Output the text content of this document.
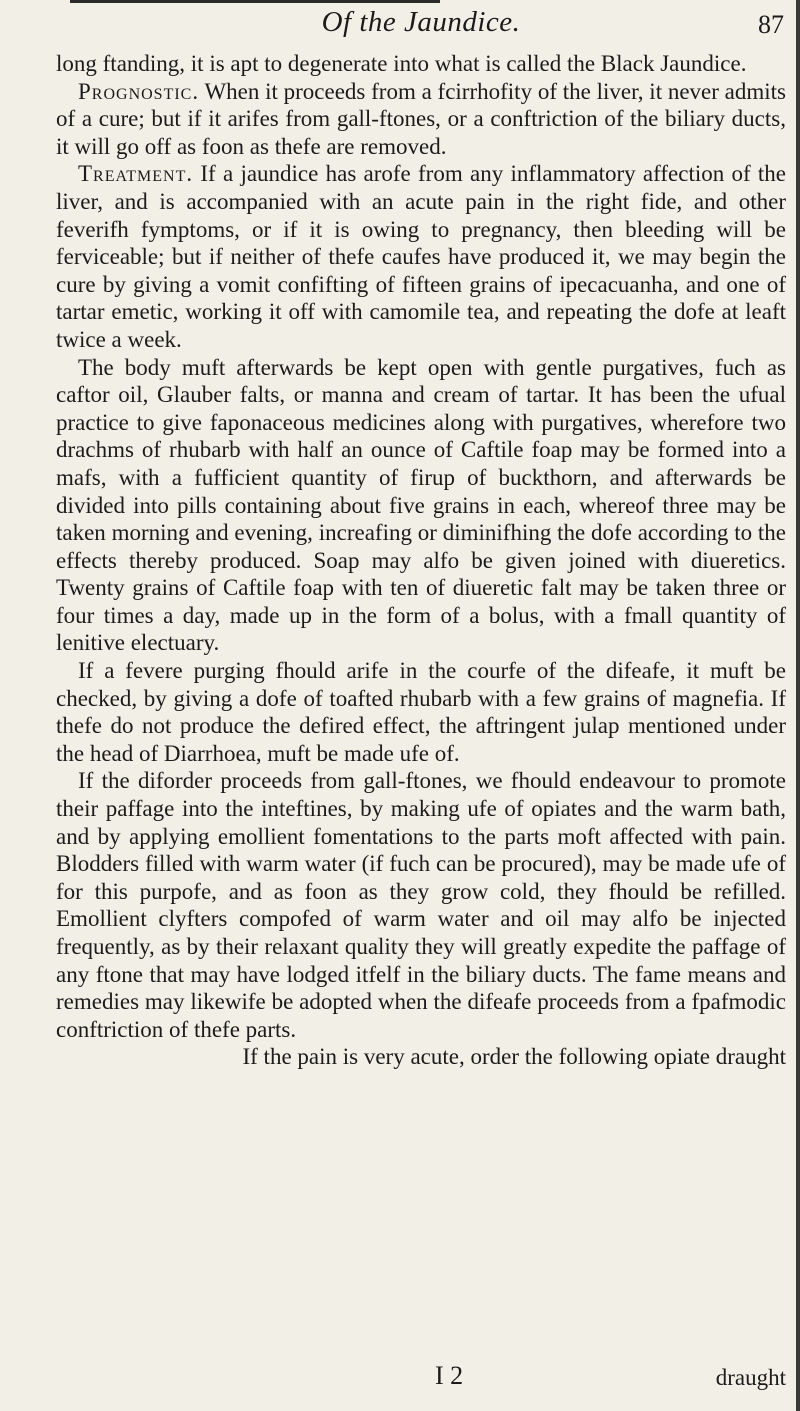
Of the Jaundice.	87

long ftanding, it is apt to degenerate into what is called the Black Jaundice.

Prognostic. When it proceeds from a fcirrhofity of the liver, it never admits of a cure; but if it arifes from gall-ftones, or a conftriction of the biliary ducts, it will go off as foon as thefe are removed.

Treatment. If a jaundice has arofe from any inflammatory affection of the liver, and is accompanied with an acute pain in the right fide, and other feverifh fymptoms, or if it is owing to pregnancy, then bleeding will be ferviceable; but if neither of thefe caufes have produced it, we may begin the cure by giving a vomit confifting of fifteen grains of ipecacuanha, and one of tartar emetic, working it off with camomile tea, and repeating the dofe at leaft twice a week.

The body muft afterwards be kept open with gentle purgatives, fuch as caftor oil, Glauber falts, or manna and cream of tartar. It has been the ufual practice to give faponaceous medicines along with purgatives, wherefore two drachms of rhubarb with half an ounce of Caftile foap may be formed into a mafs, with a fufficient quantity of firup of buckthorn, and afterwards be divided into pills containing about five grains in each, whereof three may be taken morning and evening, increafing or diminifhing the dofe according to the effects thereby produced. Soap may alfo be given joined with diueretics. Twenty grains of Caftile foap with ten of diueretic falt may be taken three or four times a day, made up in the form of a bolus, with a fmall quantity of lenitive electuary.

If a fevere purging fhould arife in the courfe of the difeafe, it muft be checked, by giving a dofe of toafted rhubarb with a few grains of magnefia. If thefe do not produce the defired effect, the aftringent julap mentioned under the head of Diarrhoea, muft be made ufe of.

If the diforder proceeds from gall-ftones, we fhould endeavour to promote their paffage into the inteftines, by making ufe of opiates and the warm bath, and by applying emollient fomentations to the parts moft affected with pain. Blodders filled with warm water (if fuch can be procured), may be made ufe of for this purpofe, and as foon as they grow cold, they fhould be refilled. Emollient clyfters compofed of warm water and oil may alfo be injected frequently, as by their relaxant quality they will greatly expedite the paffage of any ftone that may have lodged itfelf in the biliary ducts. The fame means and remedies may likewife be adopted when the difeafe proceeds from a fpafmodic conftriction of thefe parts.

If the pain is very acute, order the following opiate draught

I 2	draught
